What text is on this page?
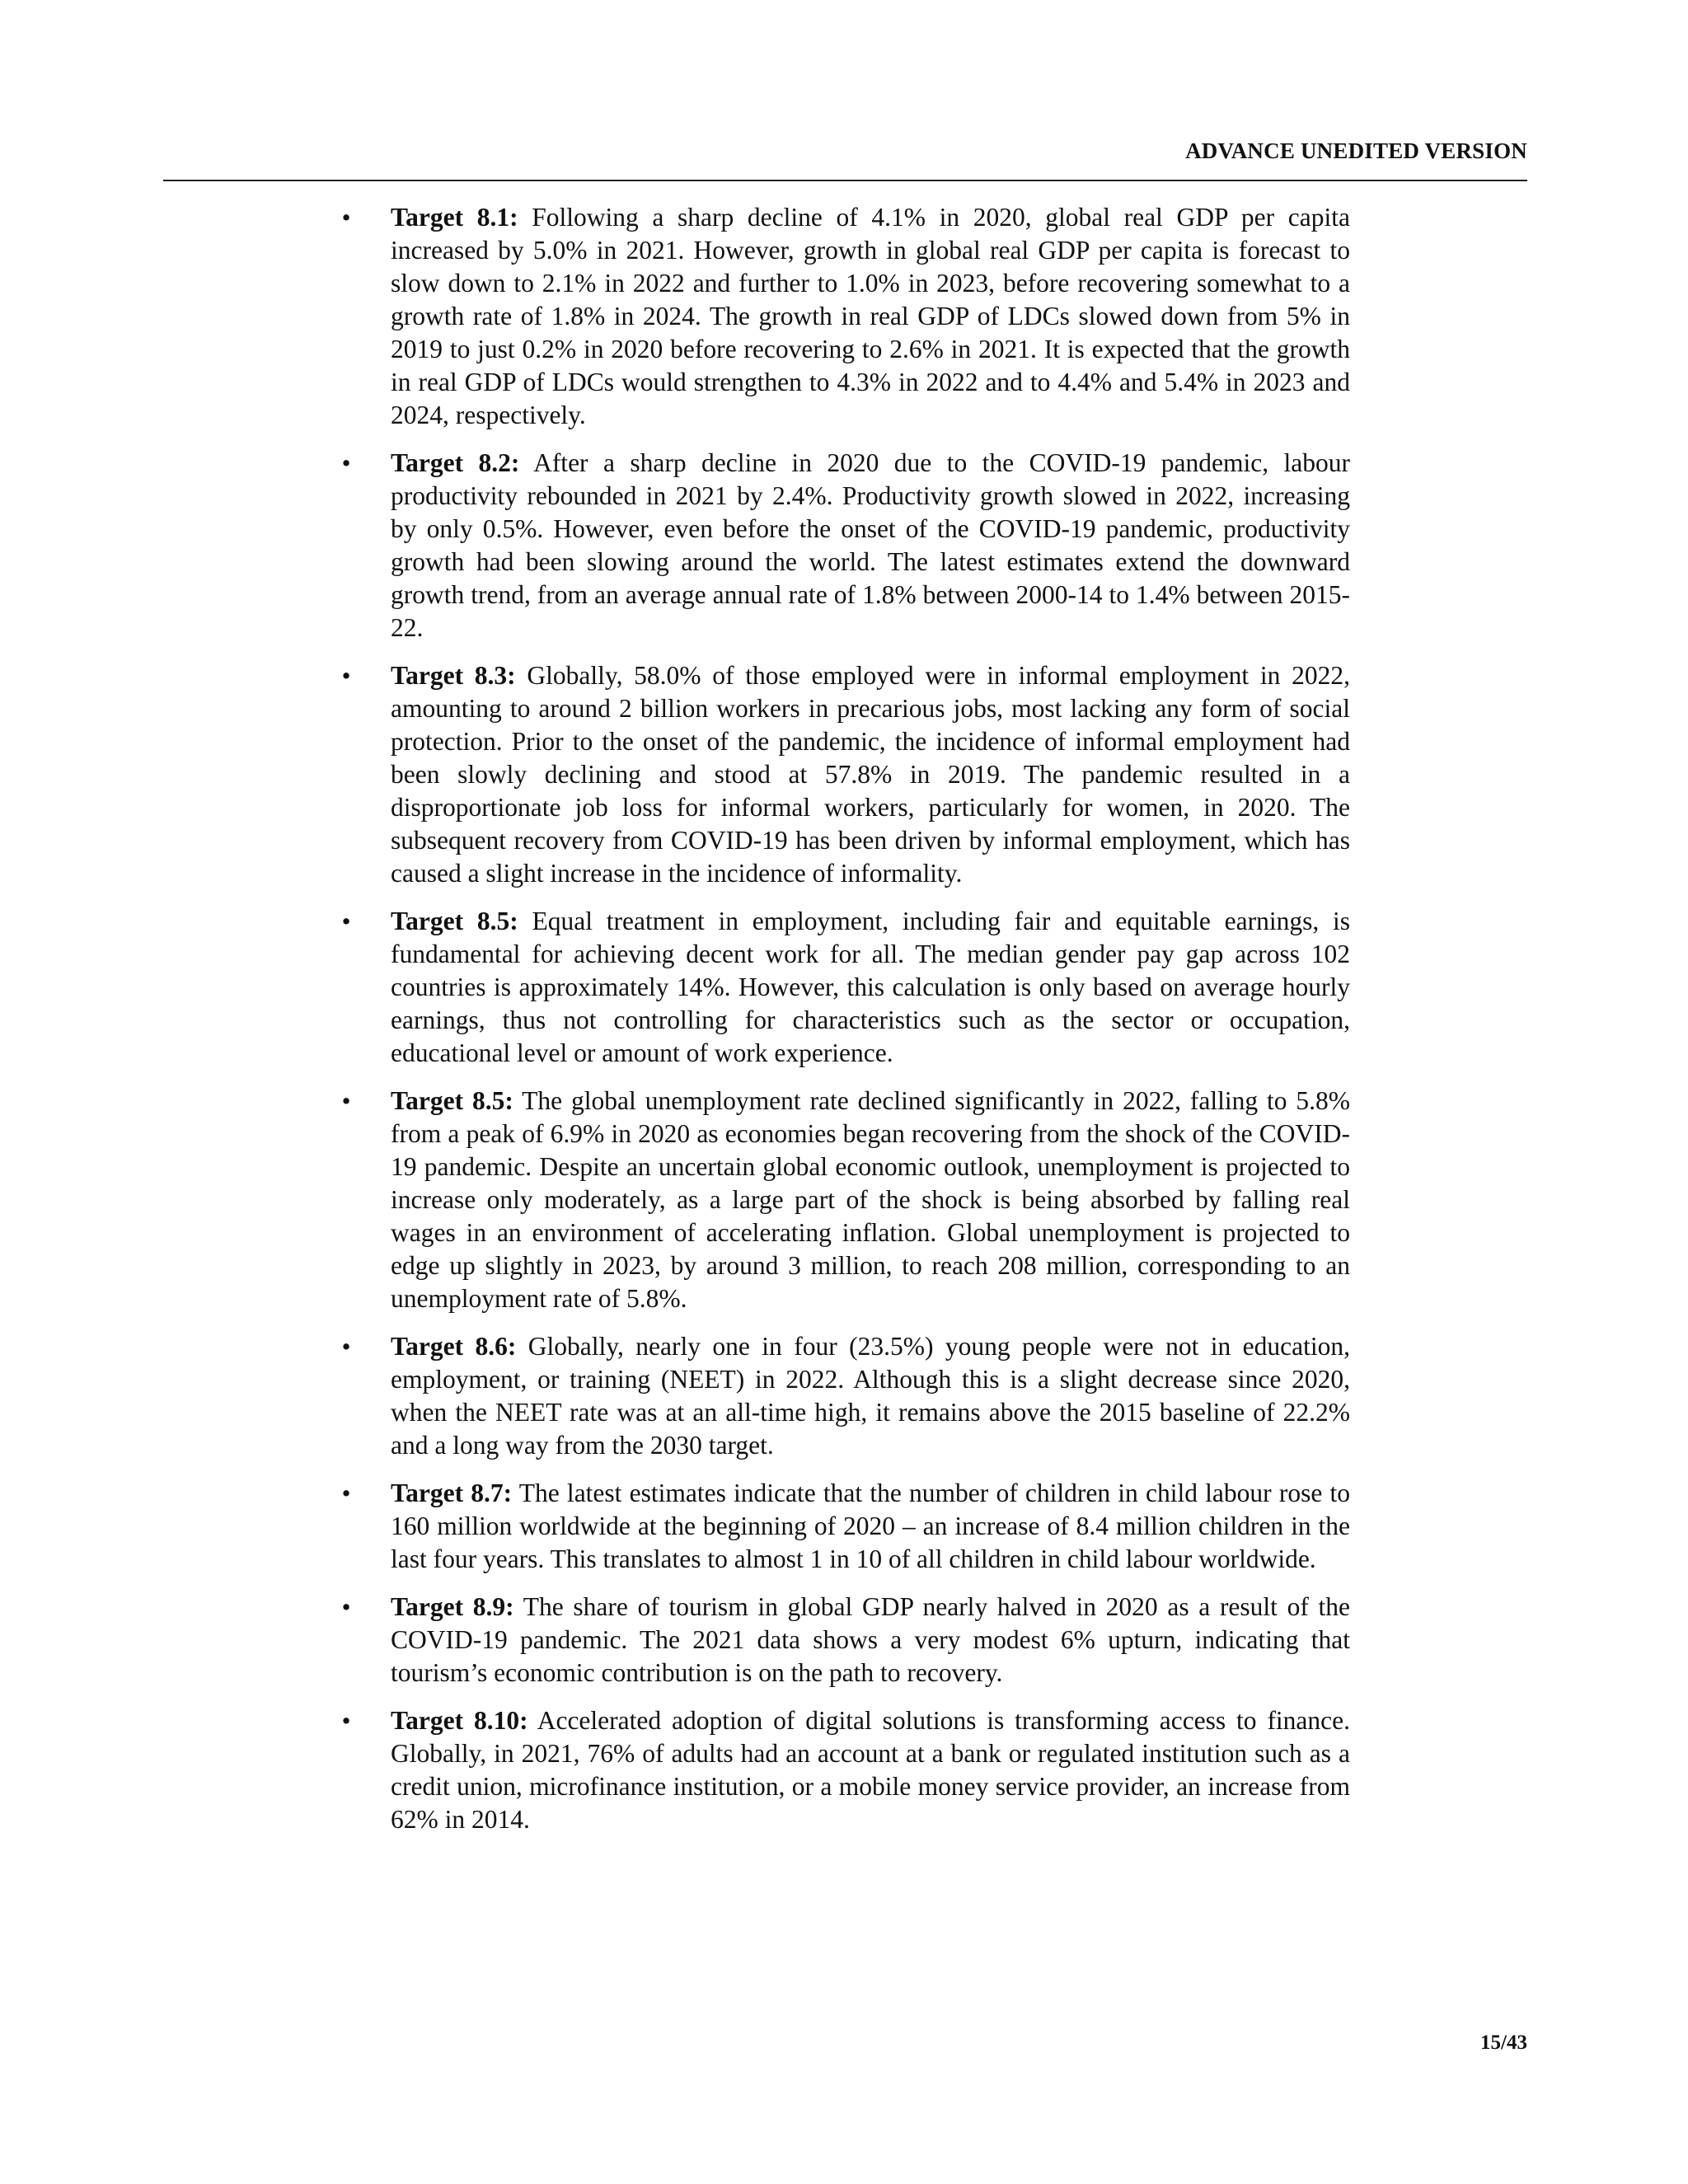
ADVANCE UNEDITED VERSION
• Target 8.1: Following a sharp decline of 4.1% in 2020, global real GDP per capita increased by 5.0% in 2021. However, growth in global real GDP per capita is forecast to slow down to 2.1% in 2022 and further to 1.0% in 2023, before recovering somewhat to a growth rate of 1.8% in 2024. The growth in real GDP of LDCs slowed down from 5% in 2019 to just 0.2% in 2020 before recovering to 2.6% in 2021. It is expected that the growth in real GDP of LDCs would strengthen to 4.3% in 2022 and to 4.4% and 5.4% in 2023 and 2024, respectively.
• Target 8.2: After a sharp decline in 2020 due to the COVID-19 pandemic, labour productivity rebounded in 2021 by 2.4%. Productivity growth slowed in 2022, increasing by only 0.5%. However, even before the onset of the COVID-19 pandemic, productivity growth had been slowing around the world. The latest estimates extend the downward growth trend, from an average annual rate of 1.8% between 2000-14 to 1.4% between 2015-22.
• Target 8.3: Globally, 58.0% of those employed were in informal employment in 2022, amounting to around 2 billion workers in precarious jobs, most lacking any form of social protection. Prior to the onset of the pandemic, the incidence of informal employment had been slowly declining and stood at 57.8% in 2019. The pandemic resulted in a disproportionate job loss for informal workers, particularly for women, in 2020. The subsequent recovery from COVID-19 has been driven by informal employment, which has caused a slight increase in the incidence of informality.
• Target 8.5: Equal treatment in employment, including fair and equitable earnings, is fundamental for achieving decent work for all. The median gender pay gap across 102 countries is approximately 14%. However, this calculation is only based on average hourly earnings, thus not controlling for characteristics such as the sector or occupation, educational level or amount of work experience.
• Target 8.5: The global unemployment rate declined significantly in 2022, falling to 5.8% from a peak of 6.9% in 2020 as economies began recovering from the shock of the COVID-19 pandemic. Despite an uncertain global economic outlook, unemployment is projected to increase only moderately, as a large part of the shock is being absorbed by falling real wages in an environment of accelerating inflation. Global unemployment is projected to edge up slightly in 2023, by around 3 million, to reach 208 million, corresponding to an unemployment rate of 5.8%.
• Target 8.6: Globally, nearly one in four (23.5%) young people were not in education, employment, or training (NEET) in 2022. Although this is a slight decrease since 2020, when the NEET rate was at an all-time high, it remains above the 2015 baseline of 22.2% and a long way from the 2030 target.
• Target 8.7: The latest estimates indicate that the number of children in child labour rose to 160 million worldwide at the beginning of 2020 – an increase of 8.4 million children in the last four years. This translates to almost 1 in 10 of all children in child labour worldwide.
• Target 8.9: The share of tourism in global GDP nearly halved in 2020 as a result of the COVID-19 pandemic. The 2021 data shows a very modest 6% upturn, indicating that tourism’s economic contribution is on the path to recovery.
• Target 8.10: Accelerated adoption of digital solutions is transforming access to finance. Globally, in 2021, 76% of adults had an account at a bank or regulated institution such as a credit union, microfinance institution, or a mobile money service provider, an increase from 62% in 2014.
15/43
